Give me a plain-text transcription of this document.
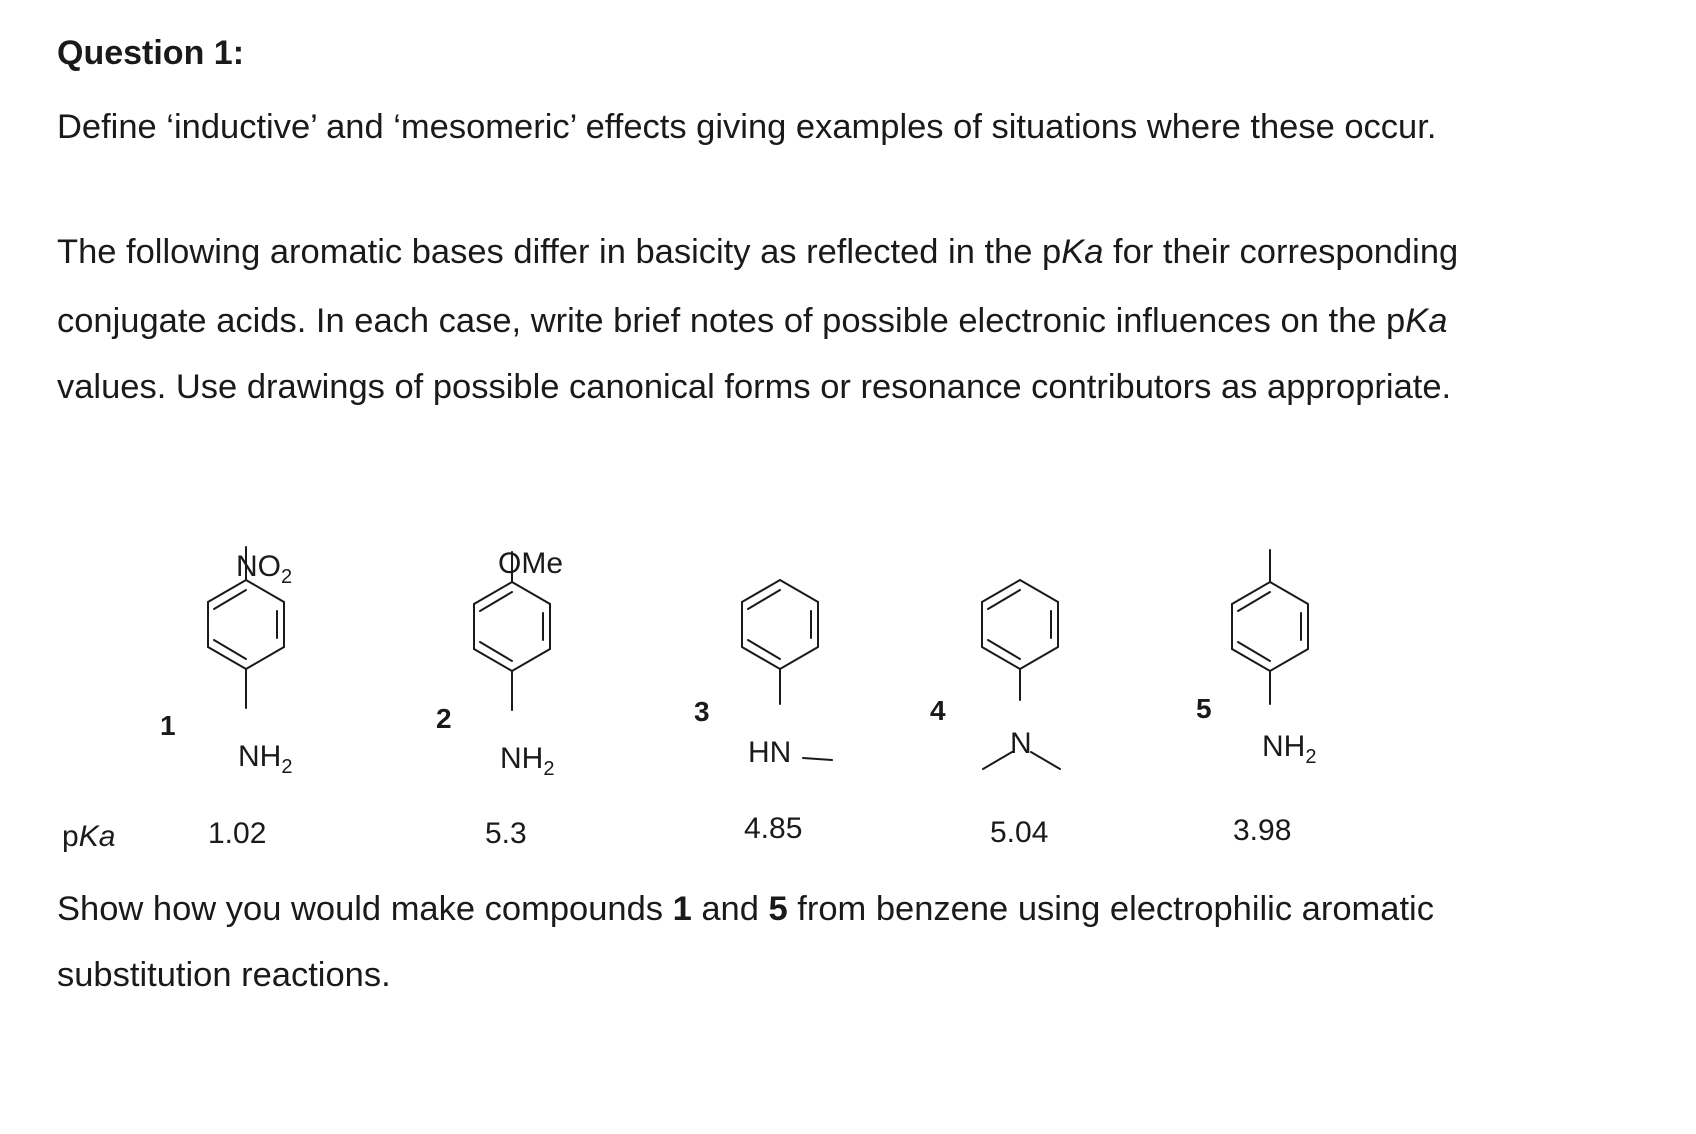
Question 1:
Define ‘inductive’ and ‘mesomeric’ effects giving examples of situations where these occur.
The following aromatic bases differ in basicity as reflected in the pKa for their corresponding
conjugate acids. In each case, write brief notes of possible electronic influences on the pKa
values. Use drawings of possible canonical forms or resonance contributors as appropriate.
Show how you would make compounds 1 and 5 from benzene using electrophilic aromatic
substitution reactions.
$NO_2$
$NH_2$
1
1.02
OMe
$NH_2$
2
5.3
HN
3
4.85
N
4
5.04
$NH_2$
5
3.98
pKa
